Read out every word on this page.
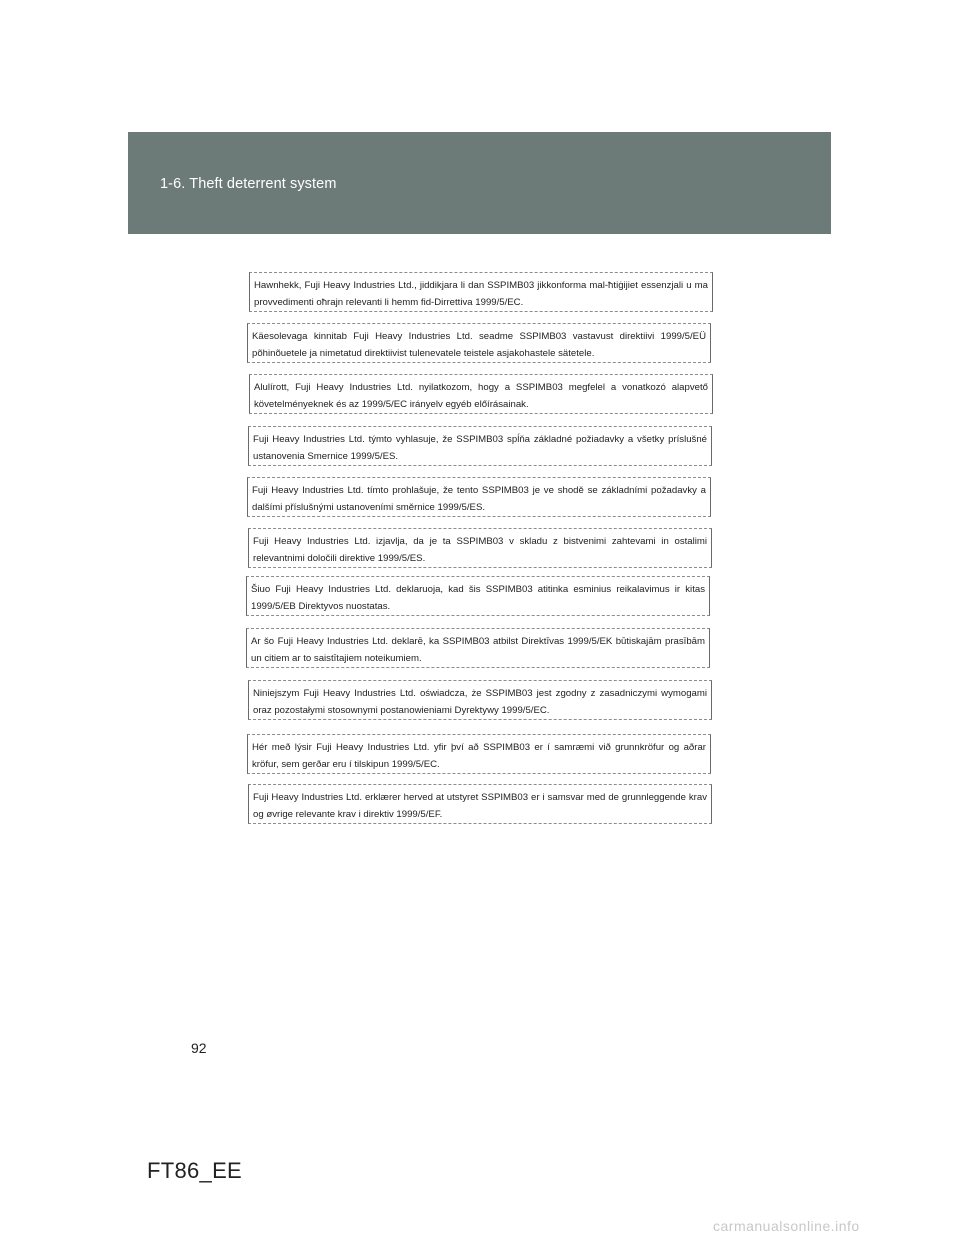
1-6. Theft deterrent system
Hawnhekk, Fuji Heavy Industries Ltd., jiddikjara li dan SSPIMB03 jikkonforma mal-ħtiġijiet essenzjali u ma provvedimenti oħrajn relevanti li hemm fid-Dirrettiva 1999/5/EC.
Käesolevaga kinnitab Fuji Heavy Industries Ltd. seadme SSPIMB03 vastavust direktiivi 1999/5/EÜ põhinõuetele ja nimetatud direktiivist tulenevatele teistele asjakohastele sätetele.
Alulírott, Fuji Heavy Industries Ltd. nyilatkozom, hogy a SSPIMB03 megfelel a vonatkozó alapvető követelményeknek és az 1999/5/EC irányelv egyéb előírásainak.
Fuji Heavy Industries Ltd. týmto vyhlasuje, že SSPIMB03 spĺňa základné požiadavky a všetky príslušné ustanovenia Smernice 1999/5/ES.
Fuji Heavy Industries Ltd. tímto prohlašuje, že tento SSPIMB03 je ve shodě se základními požadavky a dalšími příslušnými ustanoveními směrnice 1999/5/ES.
Fuji Heavy Industries Ltd. izjavlja, da je ta SSPIMB03 v skladu z bistvenimi zahtevami in ostalimi relevantnimi določili direktive 1999/5/ES.
Šiuo Fuji Heavy Industries Ltd. deklaruoja, kad šis SSPIMB03 atitinka esminius reikalavimus ir kitas 1999/5/EB Direktyvos nuostatas.
Ar šo Fuji Heavy Industries Ltd. deklarē, ka SSPIMB03 atbilst Direktīvas 1999/5/EK būtiskajām prasībām un citiem ar to saistītajiem noteikumiem.
Niniejszym Fuji Heavy Industries Ltd. oświadcza, że SSPIMB03 jest zgodny z zasadniczymi wymogami oraz pozostałymi stosownymi postanowieniami Dyrektywy 1999/5/EC.
Hér með lýsir Fuji Heavy Industries Ltd. yfir því að SSPIMB03 er í samræmi við grunnkröfur og aðrar kröfur, sem gerðar eru í tilskipun 1999/5/EC.
Fuji Heavy Industries Ltd. erklærer herved at utstyret SSPIMB03 er i samsvar med de grunnleggende krav og øvrige relevante krav i direktiv 1999/5/EF.
92
FT86_EE
carmanualsonline.info
